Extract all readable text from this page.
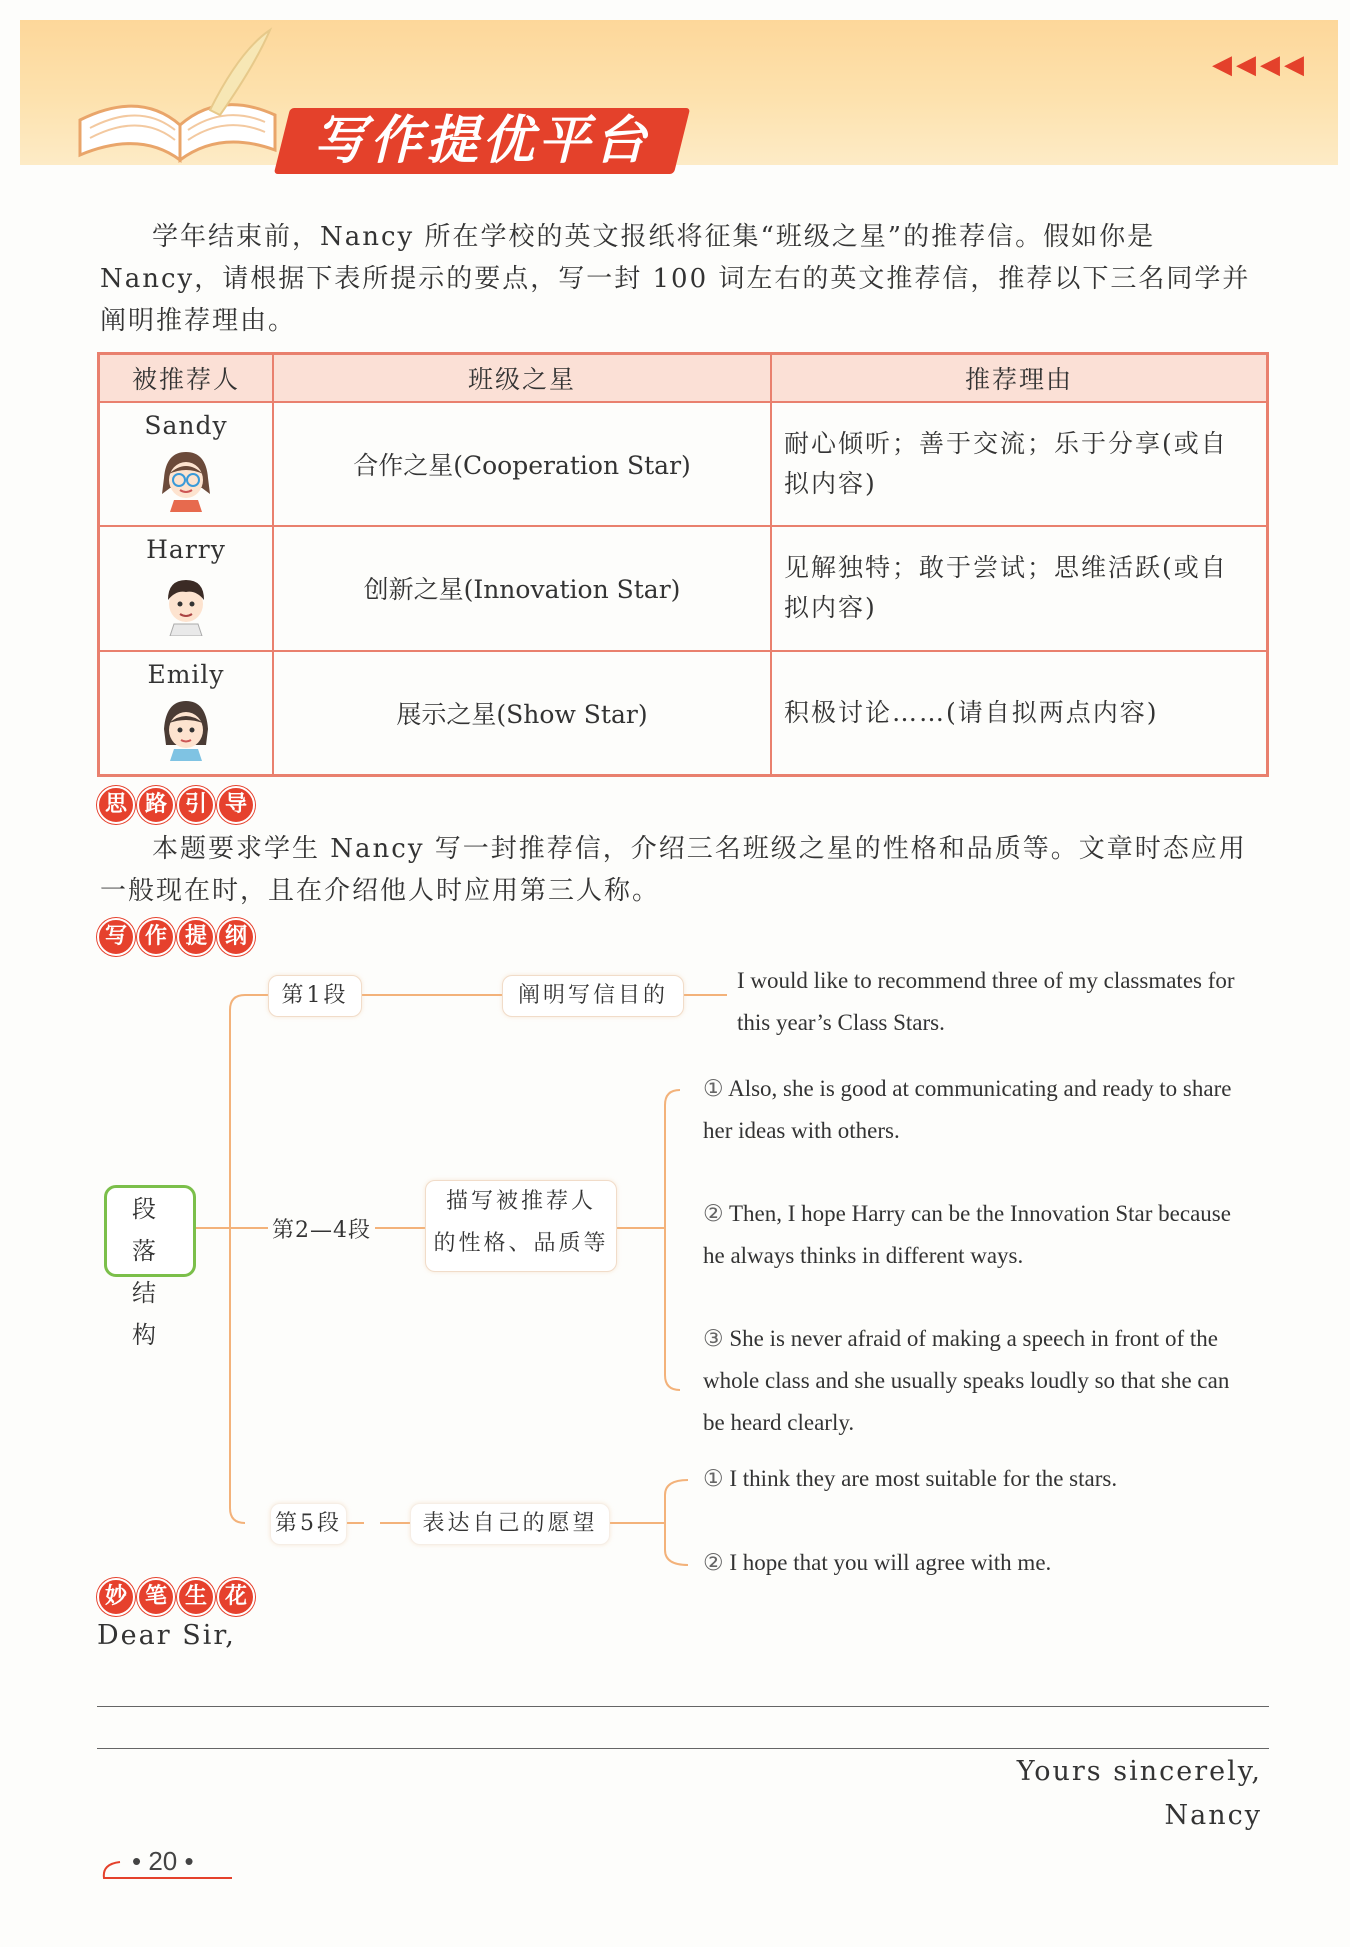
写作提优平台
◀◀◀◀
学年结束前，Nancy 所在学校的英文报纸将征集“班级之星”的推荐信。假如你是Nancy，请根据下表所提示的要点，写一封 100 词左右的英文推荐信，推荐以下三名同学并阐明推荐理由。
被推荐人	班级之星	推荐理由

Sandy	合作之星(Cooperation Star)	耐心倾听；善于交流；乐于分享(或自拟内容)

Harry	创新之星(Innovation Star)	见解独特；敢于尝试；思维活跃(或自拟内容)

Emily	展示之星(Show Star)	积极讨论……(请自拟两点内容)
思 路 引 导
本题要求学生 Nancy 写一封推荐信，介绍三名班级之星的性格和品质等。文章时态应用一般现在时，且在介绍他人时应用第三人称。
写 作 提 纲
段 落
结 构
第1段	阐明写信目的
I would like to recommend three of my classmates for this year’s Class Stars.
第2—4段
描写被推荐人
的性格、品质等
① Also, she is good at communicating and ready to share her ideas with others.
② Then, I hope Harry can be the Innovation Star because he always thinks in different ways.
③ She is never afraid of making a speech in front of the whole class and she usually speaks loudly so that she can be heard clearly.
第5段	表达自己的愿望
① I think they are most suitable for the stars.
② I hope that you will agree with me.
妙 笔 生 花
Dear Sir,
Yours sincerely,
Nancy
• 20 •
